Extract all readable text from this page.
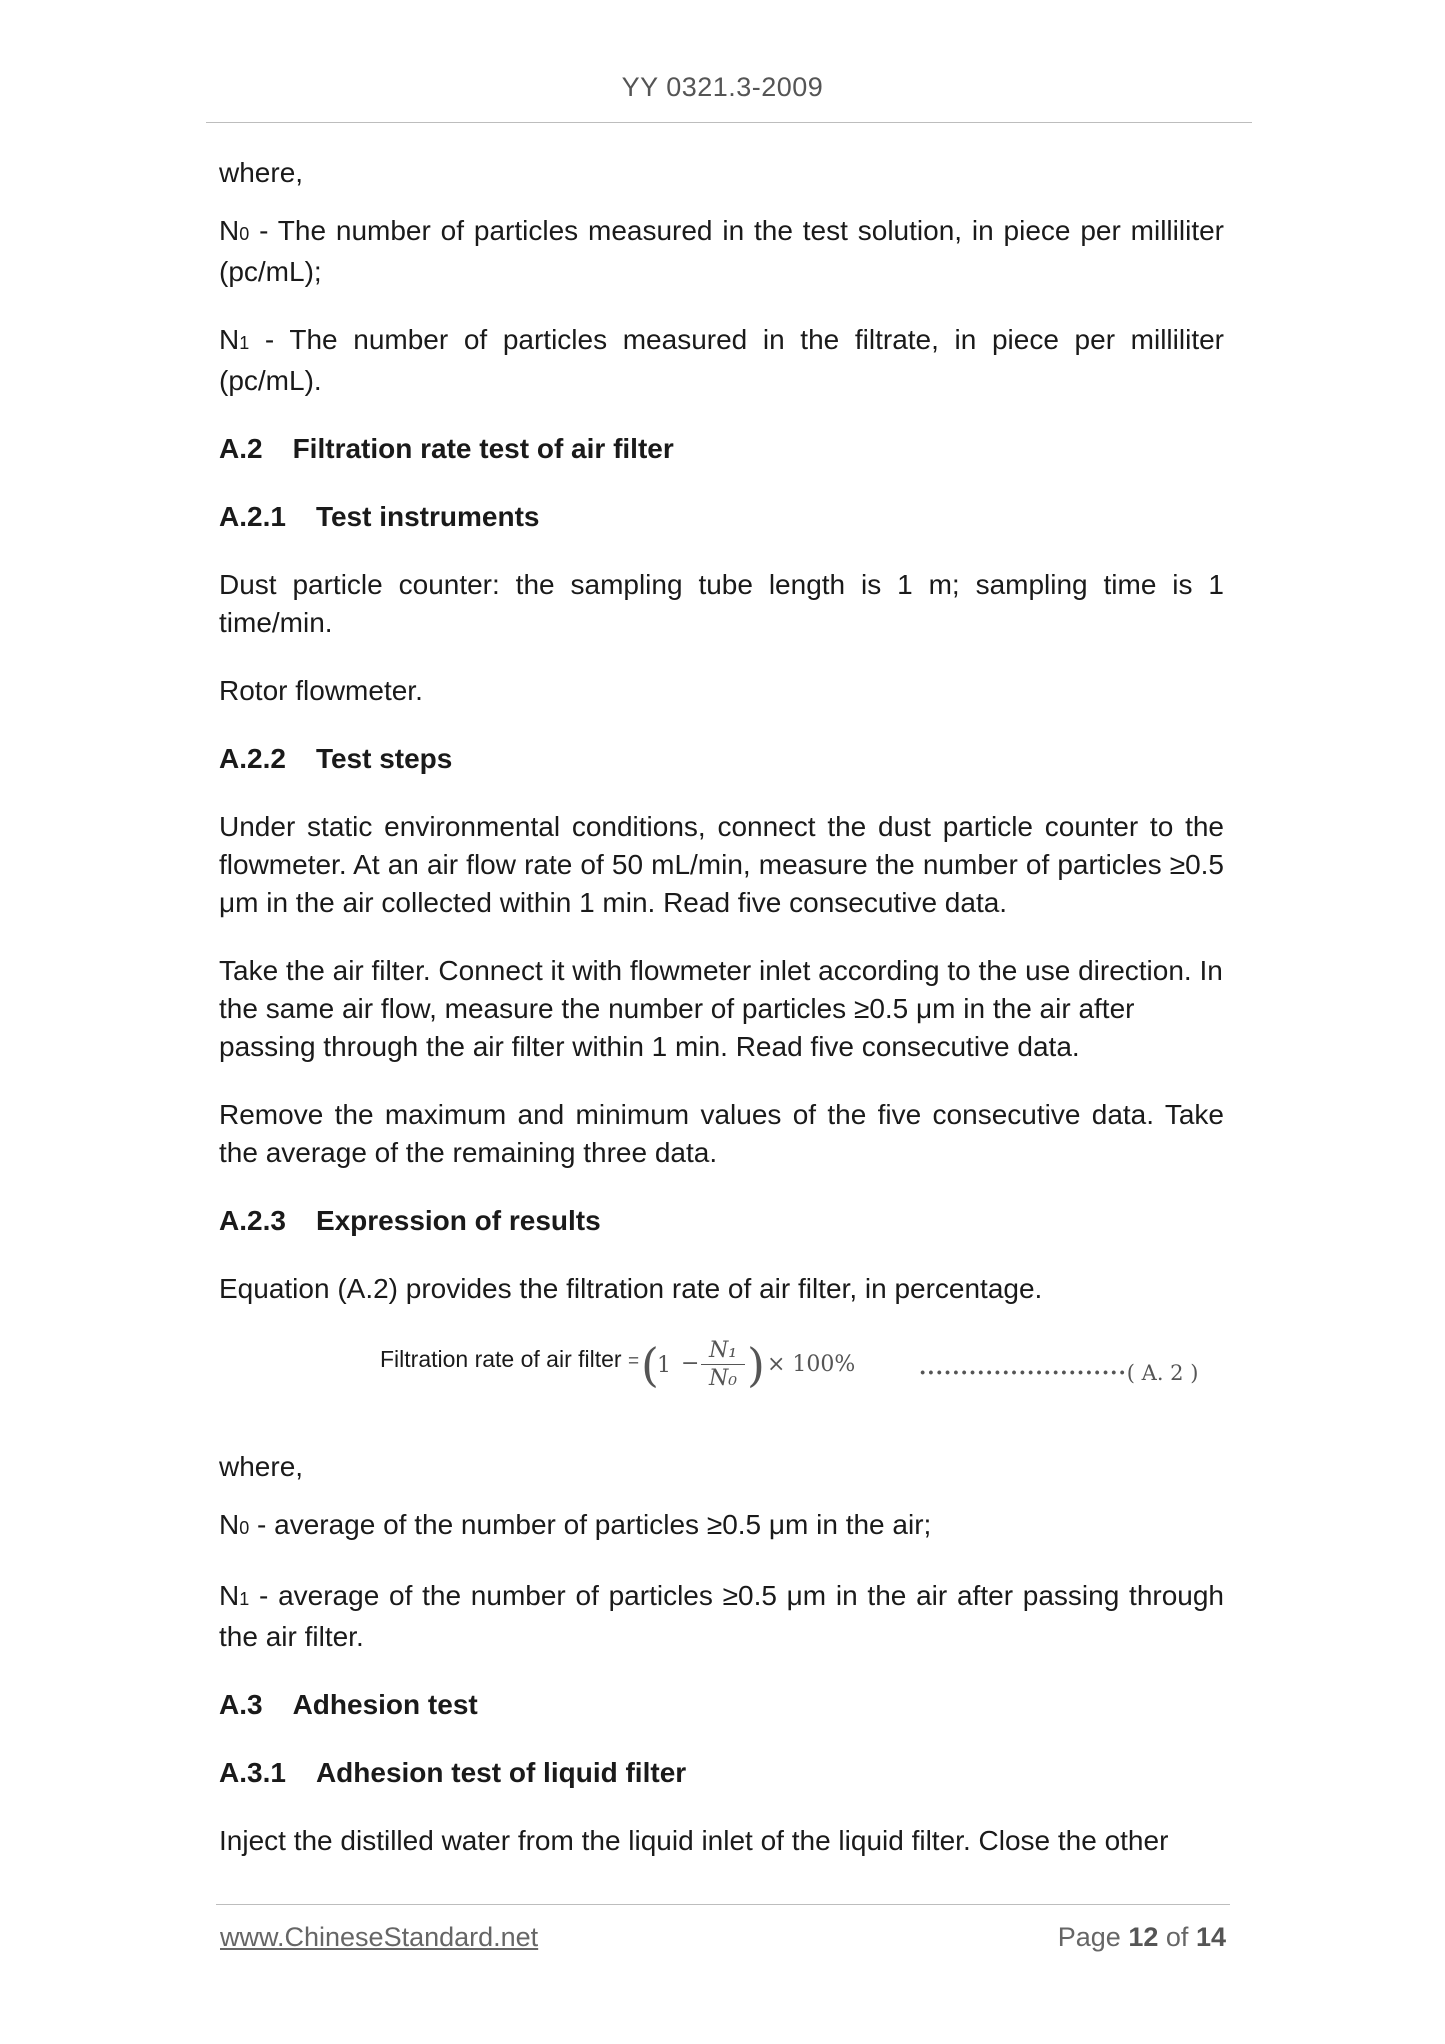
YY 0321.3-2009

where,

N0 - The number of particles measured in the test solution, in piece per milliliter (pc/mL);

N1 - The number of particles measured in the filtrate, in piece per milliliter (pc/mL).

A.2 Filtration rate test of air filter
A.2.1 Test instruments

Dust particle counter: the sampling tube length is 1 m; sampling time is 1 time/min.

Rotor flowmeter.

A.2.2 Test steps

Under static environmental conditions, connect the dust particle counter to the flowmeter. At an air flow rate of 50 mL/min, measure the number of particles ≥0.5 μm in the air collected within 1 min. Read five consecutive data.

Take the air filter. Connect it with flowmeter inlet according to the use direction. In the same air flow, measure the number of particles ≥0.5 μm in the air after passing through the air filter within 1 min. Read five consecutive data.

Remove the maximum and minimum values of the five consecutive data. Take the average of the remaining three data.

A.2.3 Expression of results

Equation (A.2) provides the filtration rate of air filter, in percentage.

Filtration rate of air filter = (
$1 - \frac{\text{N₁}}{\text{N₀}}$ ) × 100%	·························( A. 2 )

where,

N0 - average of the number of particles ≥0.5 μm in the air;

N1 - average of the number of particles ≥0.5 μm in the air after passing through the air filter.

A.3 Adhesion test
A.3.1 Adhesion test of liquid filter

Inject the distilled water from the liquid inlet of the liquid filter. Close the other

www.ChineseStandard.net	Page 12 of 14
